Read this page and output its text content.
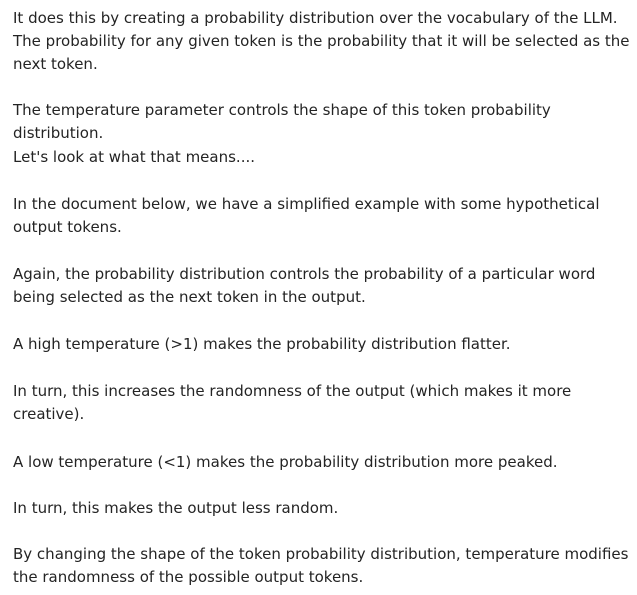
It does this by creating a probability distribution over the vocabulary of the LLM. The probability for any given token is the probability that it will be selected as the next token.

The temperature parameter controls the shape of this token probability distribution.

Let's look at what that means....

In the document below, we have a simplified example with some hypothetical output tokens.

Again, the probability distribution controls the probability of a particular word being selected as the next token in the output.

A high temperature (>1) makes the probability distribution flatter.

In turn, this increases the randomness of the output (which makes it more creative).

A low temperature (<1) makes the probability distribution more peaked.

In turn, this makes the output less random.

By changing the shape of the token probability distribution, temperature modifies the randomness of the possible output tokens.
